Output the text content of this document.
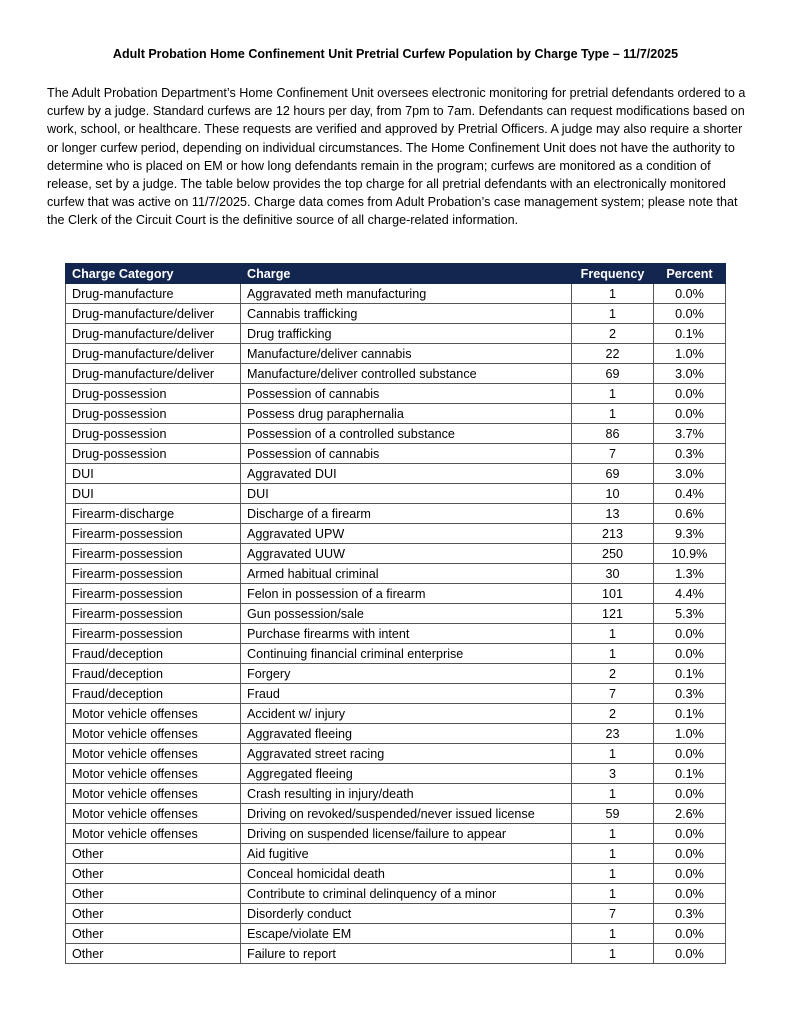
Adult Probation Home Confinement Unit Pretrial Curfew Population by Charge Type – 11/7/2025
The Adult Probation Department’s Home Confinement Unit oversees electronic monitoring for pretrial defendants ordered to a curfew by a judge. Standard curfews are 12 hours per day, from 7pm to 7am. Defendants can request modifications based on work, school, or healthcare. These requests are verified and approved by Pretrial Officers. A judge may also require a shorter or longer curfew period, depending on individual circumstances. The Home Confinement Unit does not have the authority to determine who is placed on EM or how long defendants remain in the program; curfews are monitored as a condition of release, set by a judge. The table below provides the top charge for all pretrial defendants with an electronically monitored curfew that was active on 11/7/2025. Charge data comes from Adult Probation’s case management system; please note that the Clerk of the Circuit Court is the definitive source of all charge-related information.
Charge Category	Charge	Frequency	Percent
Drug-manufacture	Aggravated meth manufacturing	1	0.0%
Drug-manufacture/deliver	Cannabis trafficking	1	0.0%
Drug-manufacture/deliver	Drug trafficking	2	0.1%
Drug-manufacture/deliver	Manufacture/deliver cannabis	22	1.0%
Drug-manufacture/deliver	Manufacture/deliver controlled substance	69	3.0%
Drug-possession	Possession of cannabis	1	0.0%
Drug-possession	Possess drug paraphernalia	1	0.0%
Drug-possession	Possession of a controlled substance	86	3.7%
Drug-possession	Possession of cannabis	7	0.3%
DUI	Aggravated DUI	69	3.0%
DUI	DUI	10	0.4%
Firearm-discharge	Discharge of a firearm	13	0.6%
Firearm-possession	Aggravated UPW	213	9.3%
Firearm-possession	Aggravated UUW	250	10.9%
Firearm-possession	Armed habitual criminal	30	1.3%
Firearm-possession	Felon in possession of a firearm	101	4.4%
Firearm-possession	Gun possession/sale	121	5.3%
Firearm-possession	Purchase firearms with intent	1	0.0%
Fraud/deception	Continuing financial criminal enterprise	1	0.0%
Fraud/deception	Forgery	2	0.1%
Fraud/deception	Fraud	7	0.3%
Motor vehicle offenses	Accident w/ injury	2	0.1%
Motor vehicle offenses	Aggravated fleeing	23	1.0%
Motor vehicle offenses	Aggravated street racing	1	0.0%
Motor vehicle offenses	Aggregated fleeing	3	0.1%
Motor vehicle offenses	Crash resulting in injury/death	1	0.0%
Motor vehicle offenses	Driving on revoked/suspended/never issued license	59	2.6%
Motor vehicle offenses	Driving on suspended license/failure to appear	1	0.0%
Other	Aid fugitive	1	0.0%
Other	Conceal homicidal death	1	0.0%
Other	Contribute to criminal delinquency of a minor	1	0.0%
Other	Disorderly conduct	7	0.3%
Other	Escape/violate EM	1	0.0%
Other	Failure to report	1	0.0%
